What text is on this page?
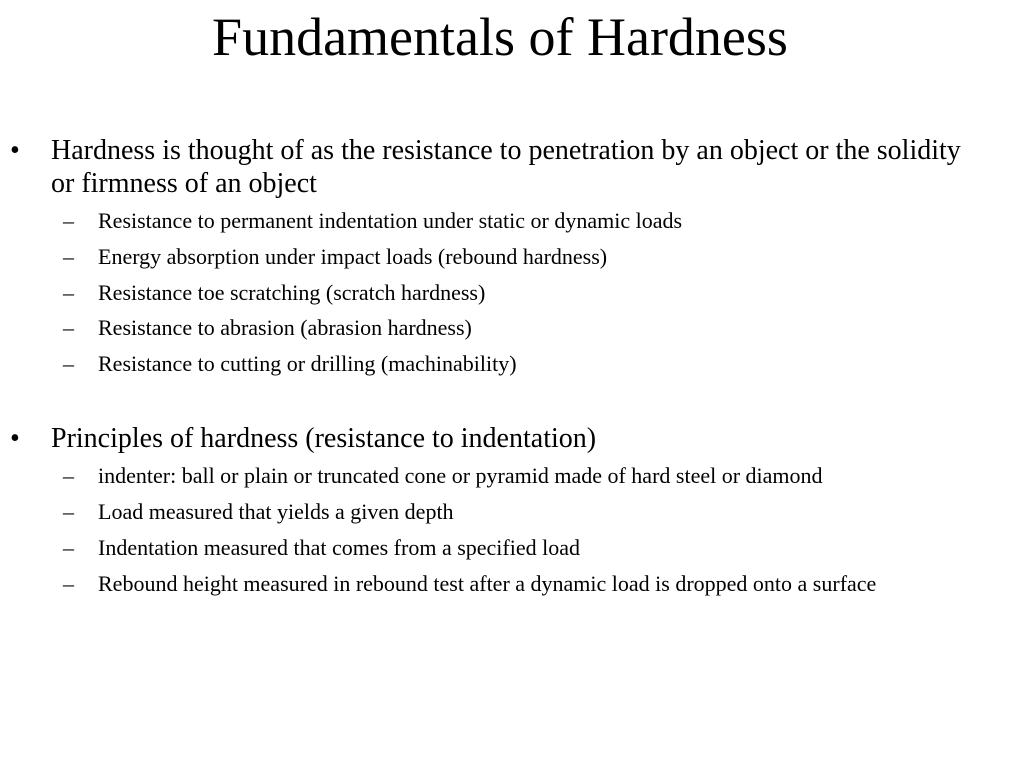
Fundamentals of Hardness
• Hardness is thought of as the resistance to penetration by an object or the solidity or firmness of an object
– Resistance to permanent indentation under static or dynamic loads
– Energy absorption under impact loads (rebound hardness)
– Resistance toe scratching (scratch hardness)
– Resistance to abrasion (abrasion hardness)
– Resistance to cutting or drilling (machinability)
• Principles of hardness (resistance to indentation)
– indenter: ball or plain or truncated cone or pyramid made of hard steel or diamond
– Load measured that yields a given depth
– Indentation measured that comes from a specified load
– Rebound height measured in rebound test after a dynamic load is dropped onto a surface
